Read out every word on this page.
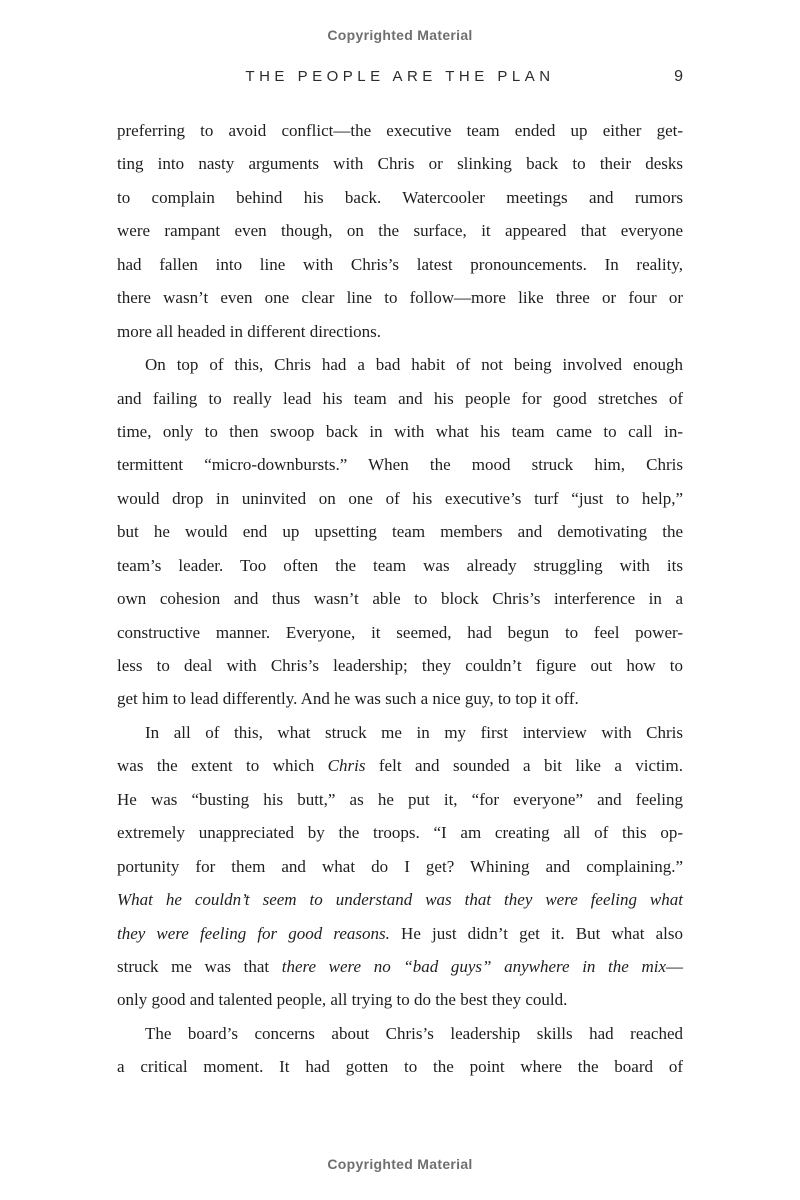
Copyrighted Material
THE PEOPLE ARE THE PLAN	9
preferring to avoid conflict—the executive team ended up either get-
ting into nasty arguments with Chris or slinking back to their desks
to complain behind his back. Watercooler meetings and rumors
were rampant even though, on the surface, it appeared that everyone
had fallen into line with Chris’s latest pronouncements. In reality,
there wasn’t even one clear line to follow—more like three or four or
more all headed in different directions.
On top of this, Chris had a bad habit of not being involved enough
and failing to really lead his team and his people for good stretches of
time, only to then swoop back in with what his team came to call in-
termittent “micro-downbursts.” When the mood struck him, Chris
would drop in uninvited on one of his executive’s turf “just to help,”
but he would end up upsetting team members and demotivating the
team’s leader. Too often the team was already struggling with its
own cohesion and thus wasn’t able to block Chris’s interference in a
constructive manner. Everyone, it seemed, had begun to feel power-
less to deal with Chris’s leadership; they couldn’t figure out how to
get him to lead differently. And he was such a nice guy, to top it off.
In all of this, what struck me in my first interview with Chris
was the extent to which Chris felt and sounded a bit like a victim.
He was “busting his butt,” as he put it, “for everyone” and feeling
extremely unappreciated by the troops. “I am creating all of this op-
portunity for them and what do I get? Whining and complaining.”
What he couldn’t seem to understand was that they were feeling what
they were feeling for good reasons. He just didn’t get it. But what also
struck me was that there were no “bad guys” anywhere in the mix—
only good and talented people, all trying to do the best they could.
The board’s concerns about Chris’s leadership skills had reached
a critical moment. It had gotten to the point where the board of
Copyrighted Material
